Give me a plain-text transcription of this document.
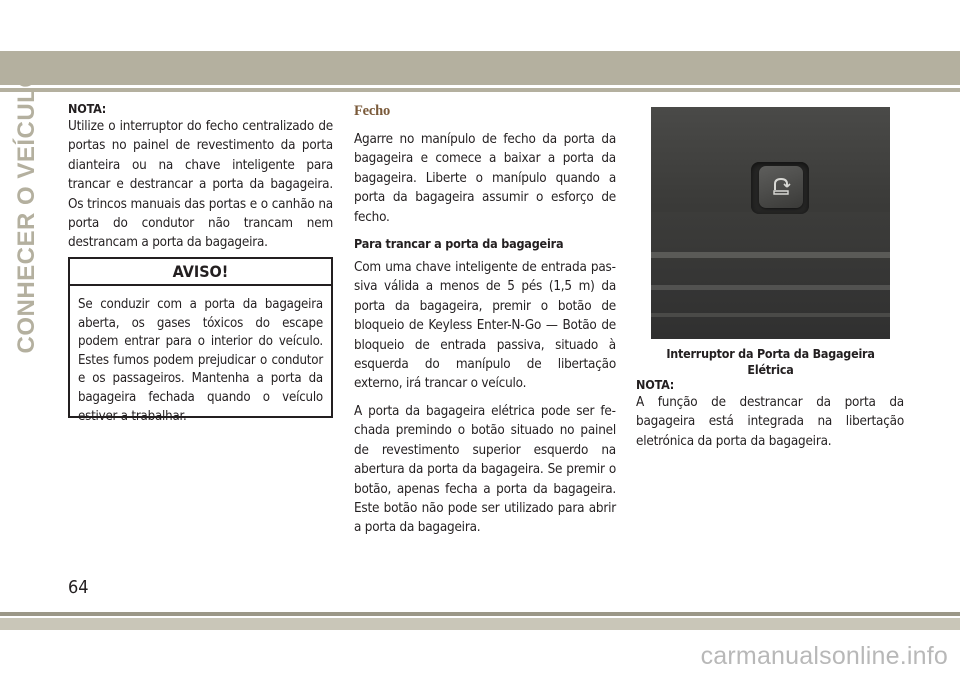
CONHECER O VEÍCULO NOTA:

Utilize o interruptor do fecho centralizado de portas no painel de revestimento da porta dianteira ou na chave inteligente para trancar e destrancar a porta da bagageira. Os trincos manuais das portas e o canhão na porta do condutor não trancam nem destrancam a porta da bagageira.

AVISO!
Se conduzir com a porta da bagageira aberta, os gases tóxicos do escape podem entrar para o interior do veículo. Estes fumos podem prejudicar o condutor e os passageiros. Mantenha a porta da bagageira fechada quando o veículo estiver a trabalhar.
Fecho

Agarre no manípulo de fecho da porta da bagageira e comece a baixar a porta da bagageira. Liberte o manípulo quando a porta da bagageira assumir o esforço de fecho.

Para trancar a porta da bagageira

Com uma chave inteligente de entrada passiva válida a menos de 5 pés (1,5 m) da porta da bagageira, premir o botão de bloqueio de Keyless Enter-N-Go — Botão de bloqueio de entrada passiva, situado à esquerda do manípulo de libertação externo, irá trancar o veículo.

A porta da bagageira elétrica pode ser fechada premindo o botão situado no painel de revestimento superior esquerdo na abertura da porta da bagageira. Se premir o botão, apenas fecha a porta da bagageira. Este botão não pode ser utilizado para abrir a porta da bagageira.

Interruptor da Porta da Bagageira Elétrica
NOTA:

A função de destrancar da porta da bagageira está integrada na libertação eletrónica da porta da bagageira.

64
carmanualsonline.info
